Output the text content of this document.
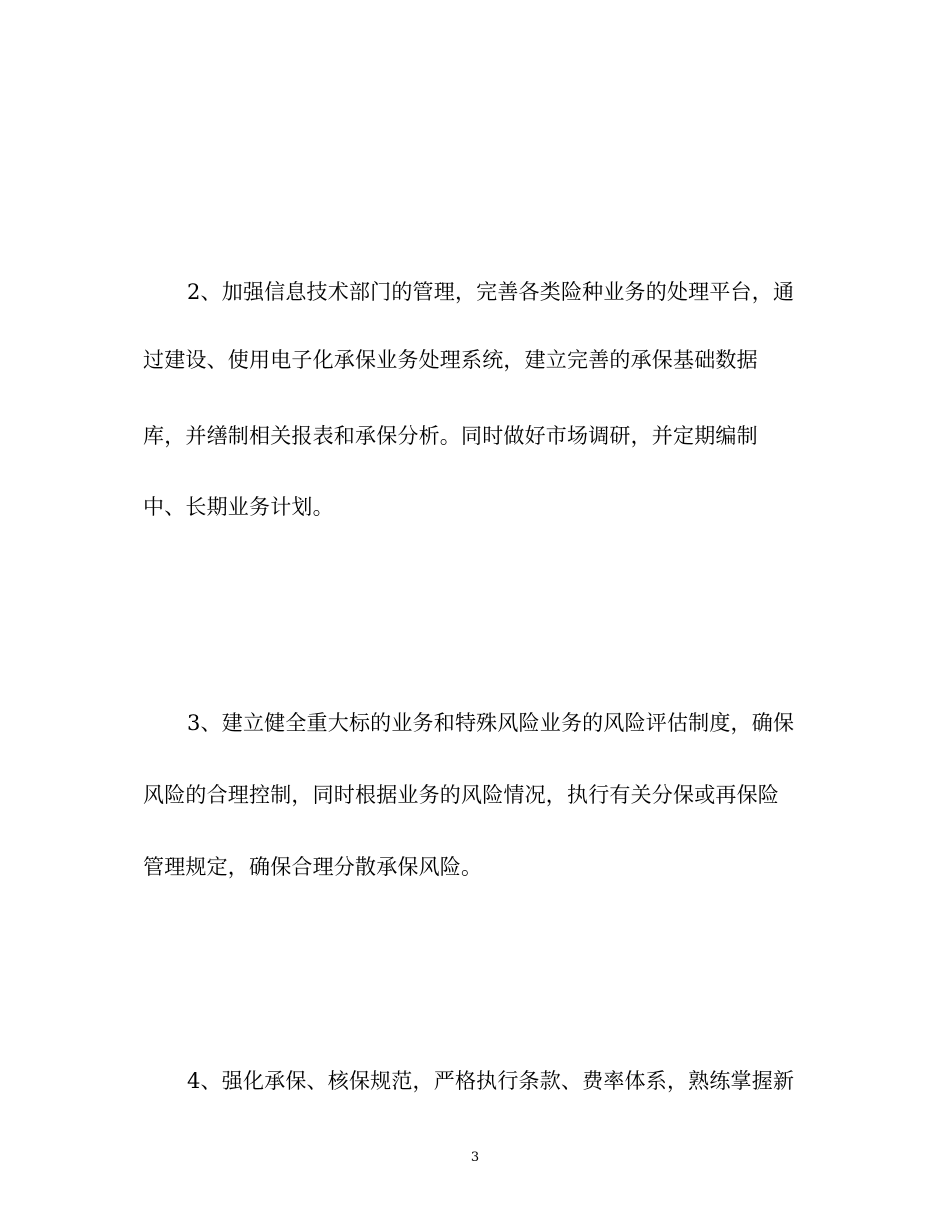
2、加强信息技术部门的管理，完善各类险种业务的处理平台，通
过建设、使用电子化承保业务处理系统，建立完善的承保基础数据
库，并缮制相关报表和承保分析。同时做好市场调研，并定期编制
中、长期业务计划。
3、建立健全重大标的业务和特殊风险业务的风险评估制度，确保
风险的合理控制，同时根据业务的风险情况，执行有关分保或再保险
管理规定，确保合理分散承保风险。
4、强化承保、核保规范，严格执行条款、费率体系，熟练掌握新
3
